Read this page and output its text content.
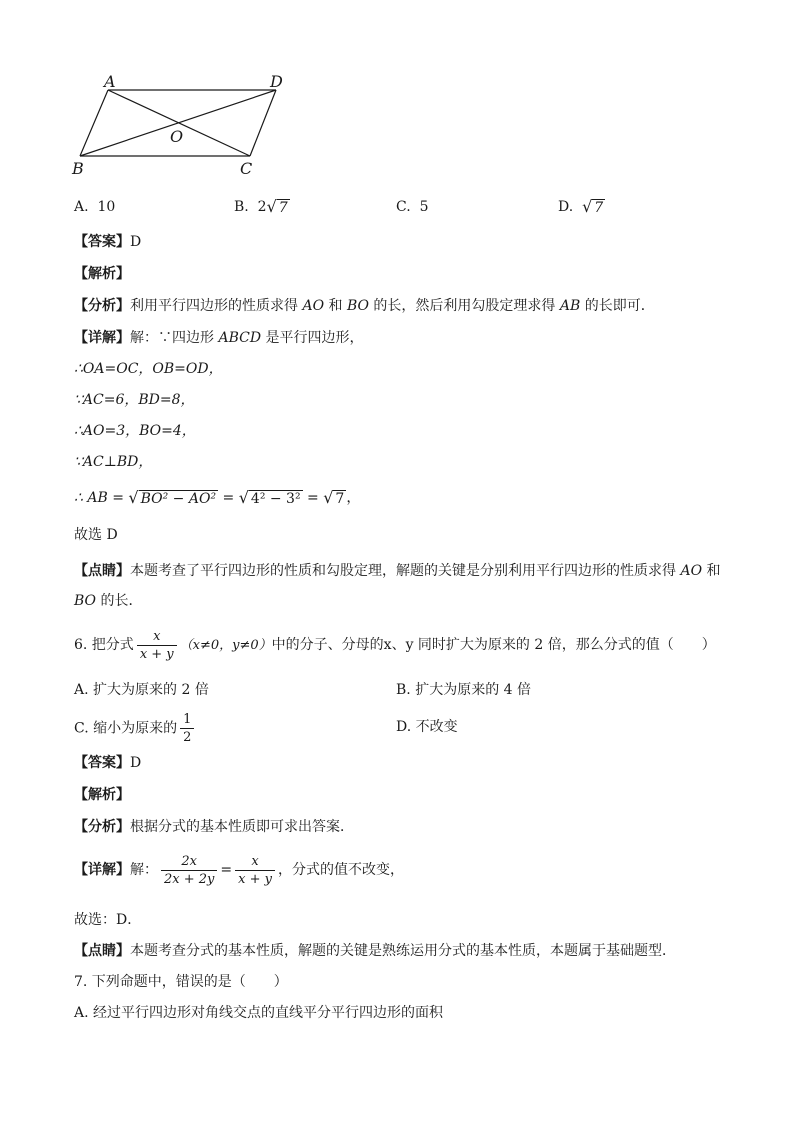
A	D
O
B	C
A. 10	B. 2 √ 7	C. 5	D. √ 7
【答案】D
【解析】
【分析】利用平行四边形的性质求得 AO 和 BO 的长，然后利用勾股定理求得 AB 的长即可．
【详解】解：∵四边形 ABCD 是平行四边形，
∴OA=OC，OB=OD，
∵AC=6，BD=8，
∴AO=3，BO=4，
∵AC⊥BD，
∴ AB = √ BO² − AO² = √ 4² − 3² = √ 7 ，
故选 D
【点睛】本题考查了平行四边形的性质和勾股定理，解题的关键是分别利用平行四边形的性质求得 AO 和
BO 的长．
6. 把分式 $\frac{x}{x + y} (x\ne 0$，y≠0）中的分子、分母的x、y 同时扩大为原来的 2 倍，那么分式的值（　　）
A. 扩大为原来的 2 倍	B. 扩大为原来的 4 倍
C. 缩小为原来的 $\frac{1}{2}$	D. 不改变
【答案】D
【解析】
【分析】根据分式的基本性质即可求出答案．
【详解】解： $\frac{2x}{2x + 2y} = \frac{x}{x + y}$ ，分式的值不改变，
故选：D．
【点睛】本题考查分式的基本性质，解题的关键是熟练运用分式的基本性质，本题属于基础题型．
7. 下列命题中，错误的是（　　）
A. 经过平行四边形对角线交点的直线平分平行四边形的面积
